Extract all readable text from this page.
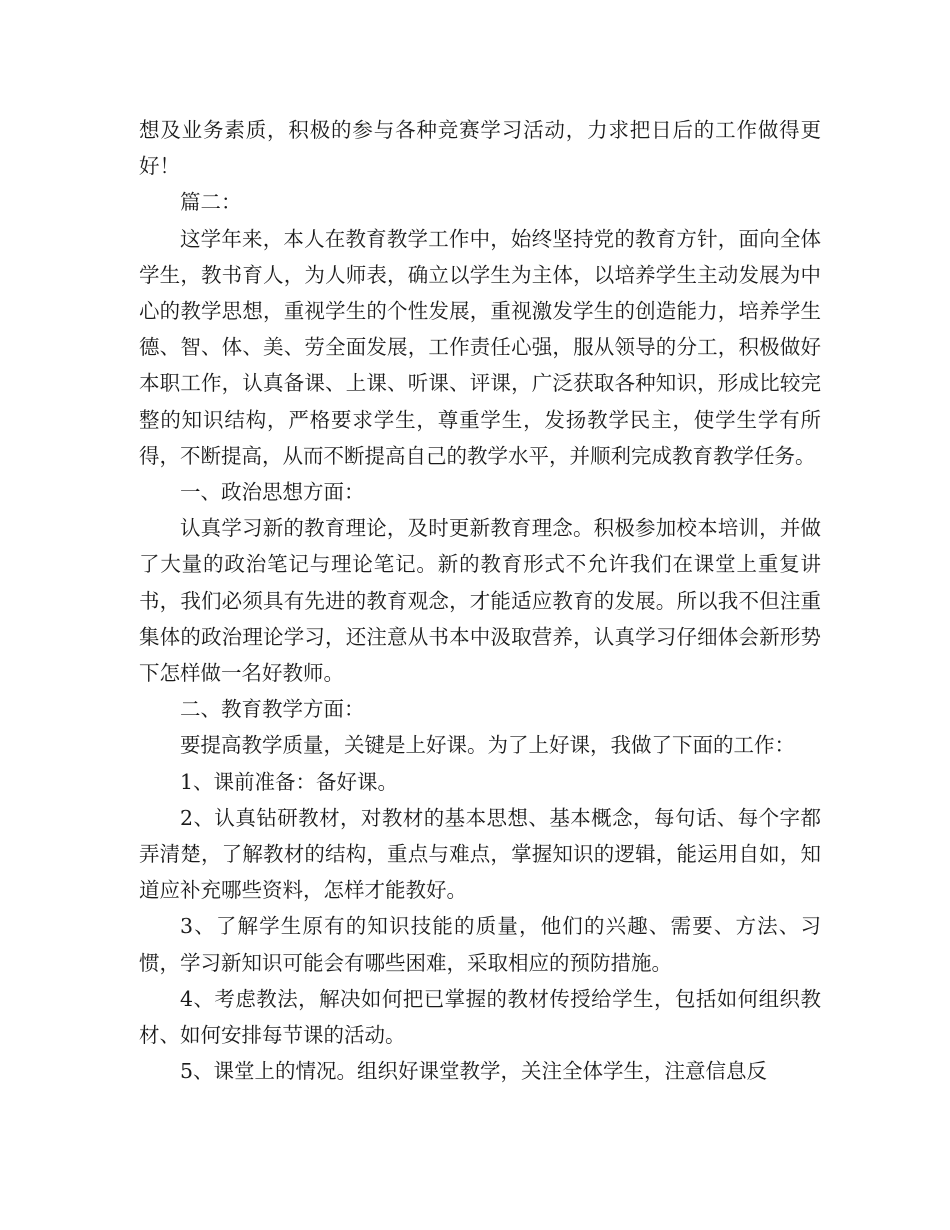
想及业务素质，积极的参与各种竞赛学习活动，力求把日后的工作做得更好！

篇二：

这学年来，本人在教育教学工作中，始终坚持党的教育方针，面向全体学生，教书育人，为人师表，确立以学生为主体，以培养学生主动发展为中心的教学思想，重视学生的个性发展，重视激发学生的创造能力，培养学生德、智、体、美、劳全面发展，工作责任心强，服从领导的分工，积极做好本职工作，认真备课、上课、听课、评课，广泛获取各种知识，形成比较完整的知识结构，严格要求学生，尊重学生，发扬教学民主，使学生学有所得，不断提高，从而不断提高自己的教学水平，并顺利完成教育教学任务。

一、政治思想方面：

认真学习新的教育理论，及时更新教育理念。积极参加校本培训，并做了大量的政治笔记与理论笔记。新的教育形式不允许我们在课堂上重复讲书，我们必须具有先进的教育观念，才能适应教育的发展。所以我不但注重集体的政治理论学习，还注意从书本中汲取营养，认真学习仔细体会新形势下怎样做一名好教师。

二、教育教学方面：

要提高教学质量，关键是上好课。为了上好课，我做了下面的工作：

1、课前准备：备好课。

2、认真钻研教材，对教材的基本思想、基本概念，每句话、每个字都弄清楚，了解教材的结构，重点与难点，掌握知识的逻辑，能运用自如，知道应补充哪些资料，怎样才能教好。

3、了解学生原有的知识技能的质量，他们的兴趣、需要、方法、习惯，学习新知识可能会有哪些困难，采取相应的预防措施。

4、考虑教法，解决如何把已掌握的教材传授给学生，包括如何组织教材、如何安排每节课的活动。

5、课堂上的情况。组织好课堂教学，关注全体学生，注意信息反
